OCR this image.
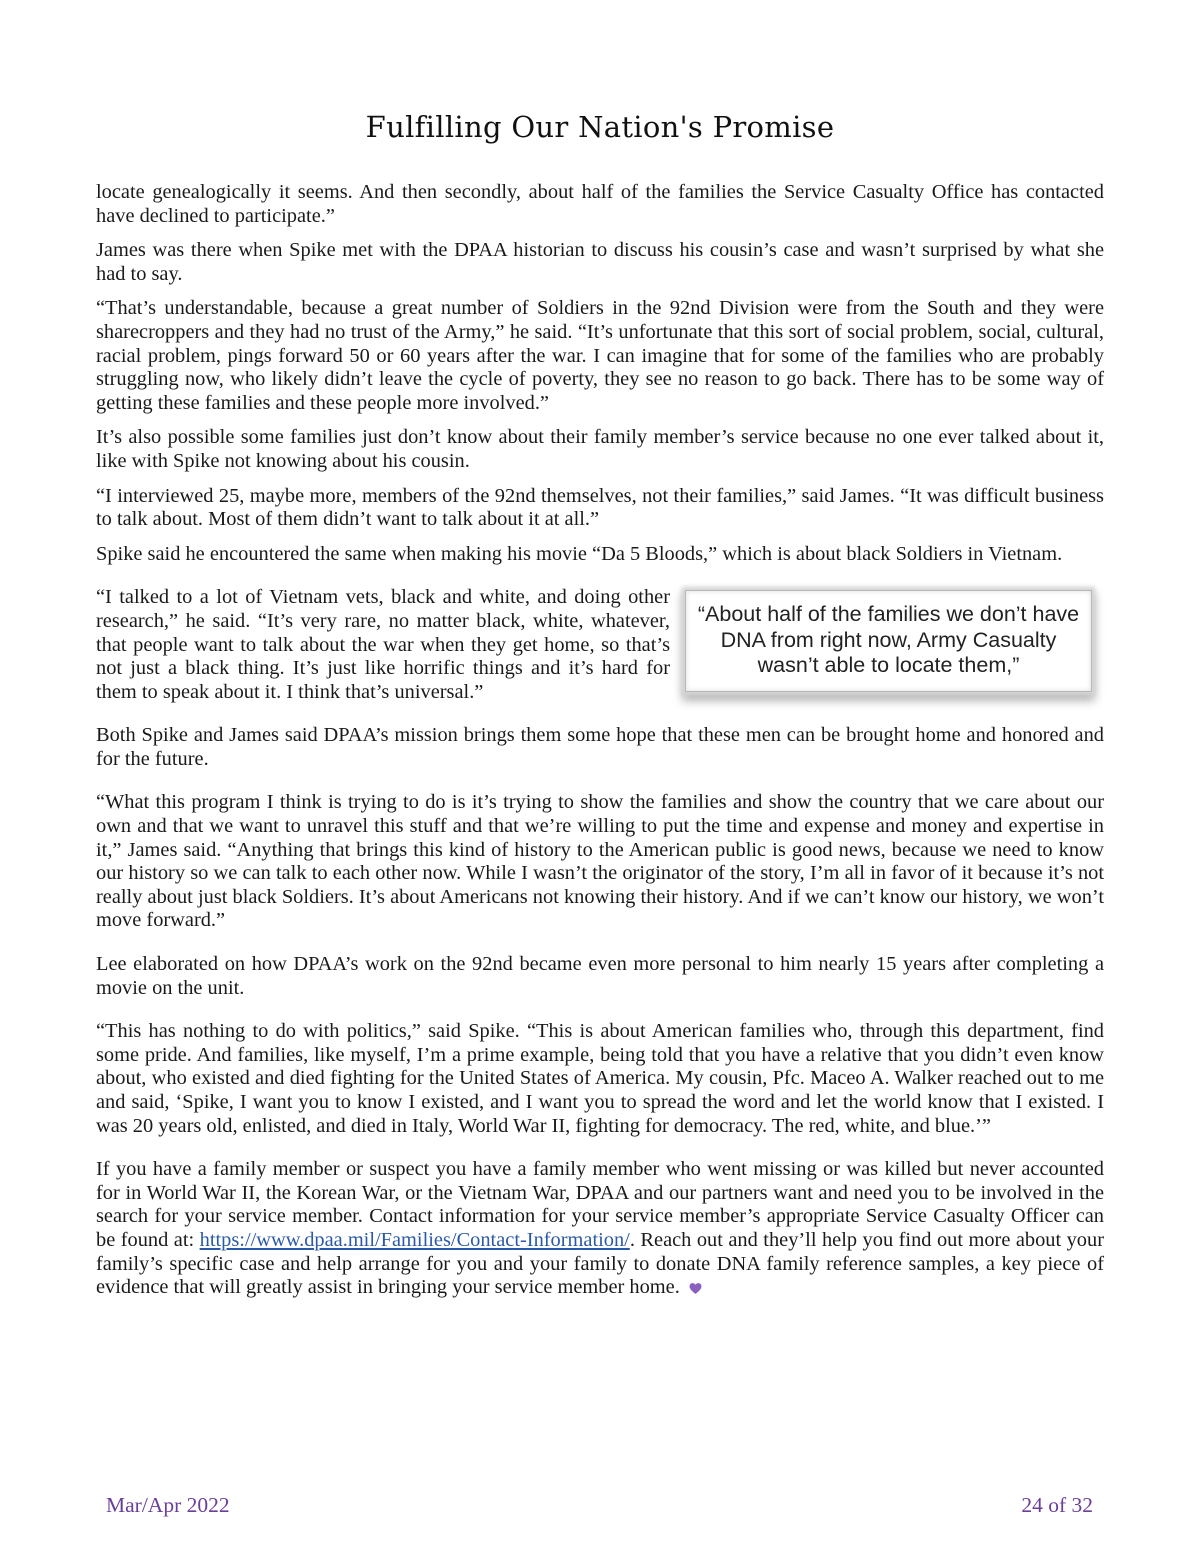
Fulfilling Our Nation's Promise

locate genealogically it seems. And then secondly, about half of the families the Service Casualty Office has contacted have declined to participate.”

James was there when Spike met with the DPAA historian to discuss his cousin’s case and wasn’t surprised by what she had to say.

“That’s understandable, because a great number of Soldiers in the 92nd Division were from the South and they were sharecroppers and they had no trust of the Army,” he said. “It’s unfortunate that this sort of social problem, social, cultural, racial problem, pings forward 50 or 60 years after the war. I can imagine that for some of the families who are probably struggling now, who likely didn’t leave the cycle of poverty, they see no reason to go back. There has to be some way of getting these families and these people more involved.”

It’s also possible some families just don’t know about their family member’s service because no one ever talked about it, like with Spike not knowing about his cousin.

“I interviewed 25, maybe more, members of the 92nd themselves, not their families,” said James. “It was difficult business to talk about. Most of them didn’t want to talk about it at all.”

Spike said he encountered the same when making his movie “Da 5 Bloods,” which is about black Soldiers in Vietnam.

“I talked to a lot of Vietnam vets, black and white, and doing other research,” he said. “It’s very rare, no matter black, white, whatever, that people want to talk about the war when they get home, so that’s not just a black thing. It’s just like horrific things and it’s hard for them to speak about it. I think that’s universal.”

“About half of the families we don’t have DNA from right now, Army Casualty wasn’t able to locate them,”

Both Spike and James said DPAA’s mission brings them some hope that these men can be brought home and honored and for the future.

“What this program I think is trying to do is it’s trying to show the families and show the country that we care about our own and that we want to unravel this stuff and that we’re willing to put the time and expense and money and expertise in it,” James said. “Anything that brings this kind of history to the American public is good news, because we need to know our history so we can talk to each other now. While I wasn’t the originator of the story, I’m all in favor of it because it’s not really about just black Soldiers. It’s about Americans not knowing their history. And if we can’t know our history, we won’t move forward.”

Lee elaborated on how DPAA’s work on the 92nd became even more personal to him nearly 15 years after completing a movie on the unit.

“This has nothing to do with politics,” said Spike. “This is about American families who, through this department, find some pride. And families, like myself, I’m a prime example, being told that you have a relative that you didn’t even know about, who existed and died fighting for the United States of America. My cousin, Pfc. Maceo A. Walker reached out to me and said, ‘Spike, I want you to know I existed, and I want you to spread the word and let the world know that I existed. I was 20 years old, enlisted, and died in Italy, World War II, fighting for democracy. The red, white, and blue.’”

If you have a family member or suspect you have a family member who went missing or was killed but never accounted for in World War II, the Korean War, or the Vietnam War, DPAA and our partners want and need you to be involved in the search for your service member. Contact information for your service member’s appropriate Service Casualty Officer can be found at: https://www.dpaa.mil/Families/Contact-Information/. Reach out and they’ll help you find out more about your family’s specific case and help arrange for you and your family to donate DNA family reference samples, a key piece of evidence that will greatly assist in bringing your service member home.

Mar/Apr 2022	24 of 32
